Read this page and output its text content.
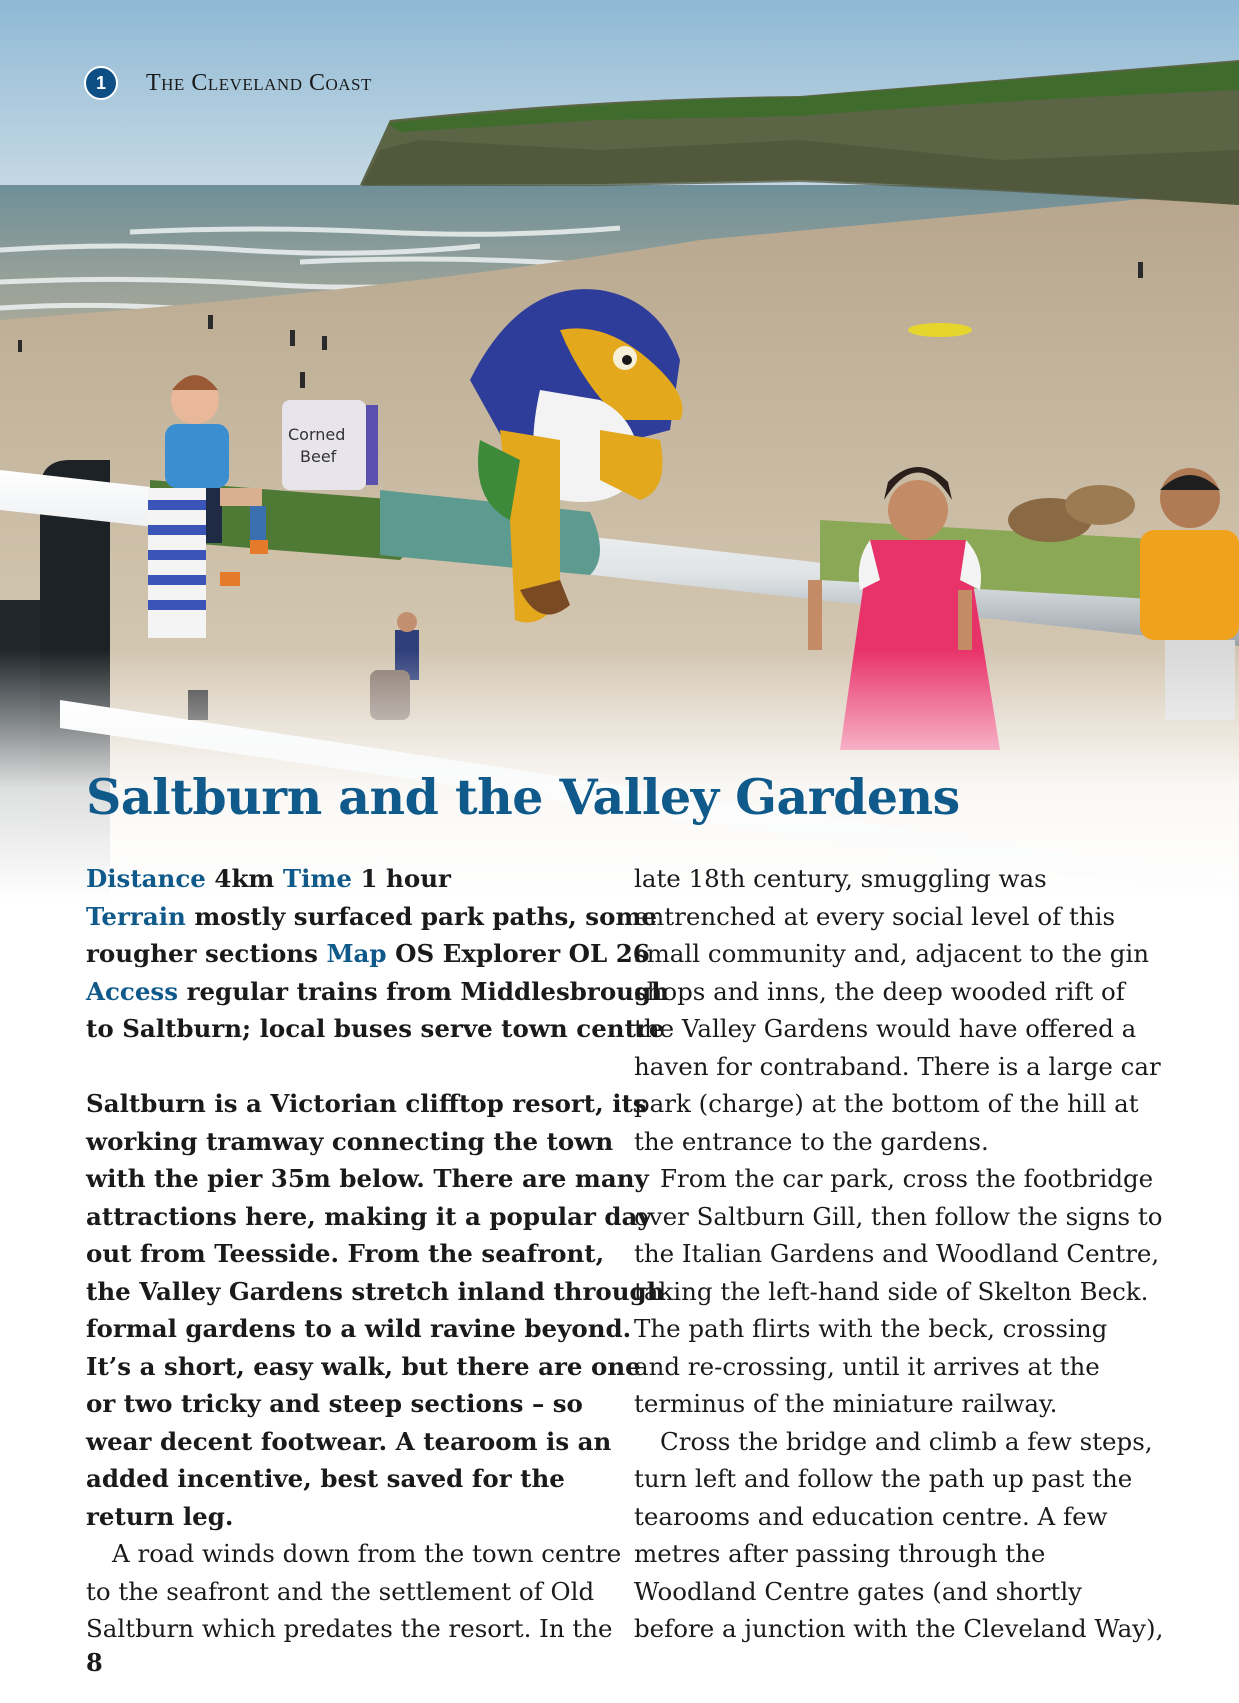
Corned
Beef
1	The Cleveland Coast
Saltburn and the Valley Gardens
Distance 4km Time 1 hour
Terrain mostly surfaced park paths, some
rougher sections Map OS Explorer OL 26
Access regular trains from Middlesbrough
to Saltburn; local buses serve town centre
Saltburn is a Victorian clifftop resort, its
working tramway connecting the town
with the pier 35m below. There are many
attractions here, making it a popular day
out from Teesside. From the seafront,
the Valley Gardens stretch inland through
formal gardens to a wild ravine beyond.
It’s a short, easy walk, but there are one
or two tricky and steep sections – so
wear decent footwear. A tearoom is an
added incentive, best saved for the
return leg.
A road winds down from the town centre
to the seafront and the settlement of Old
Saltburn which predates the resort. In the
late 18th century, smuggling was
entrenched at every social level of this
small community and, adjacent to the gin
shops and inns, the deep wooded rift of
the Valley Gardens would have offered a
haven for contraband. There is a large car
park (charge) at the bottom of the hill at
the entrance to the gardens.
From the car park, cross the footbridge
over Saltburn Gill, then follow the signs to
the Italian Gardens and Woodland Centre,
taking the left-hand side of Skelton Beck.
The path flirts with the beck, crossing
and re-crossing, until it arrives at the
terminus of the miniature railway.
Cross the bridge and climb a few steps,
turn left and follow the path up past the
tearooms and education centre. A few
metres after passing through the
Woodland Centre gates (and shortly
before a junction with the Cleveland Way),
8
